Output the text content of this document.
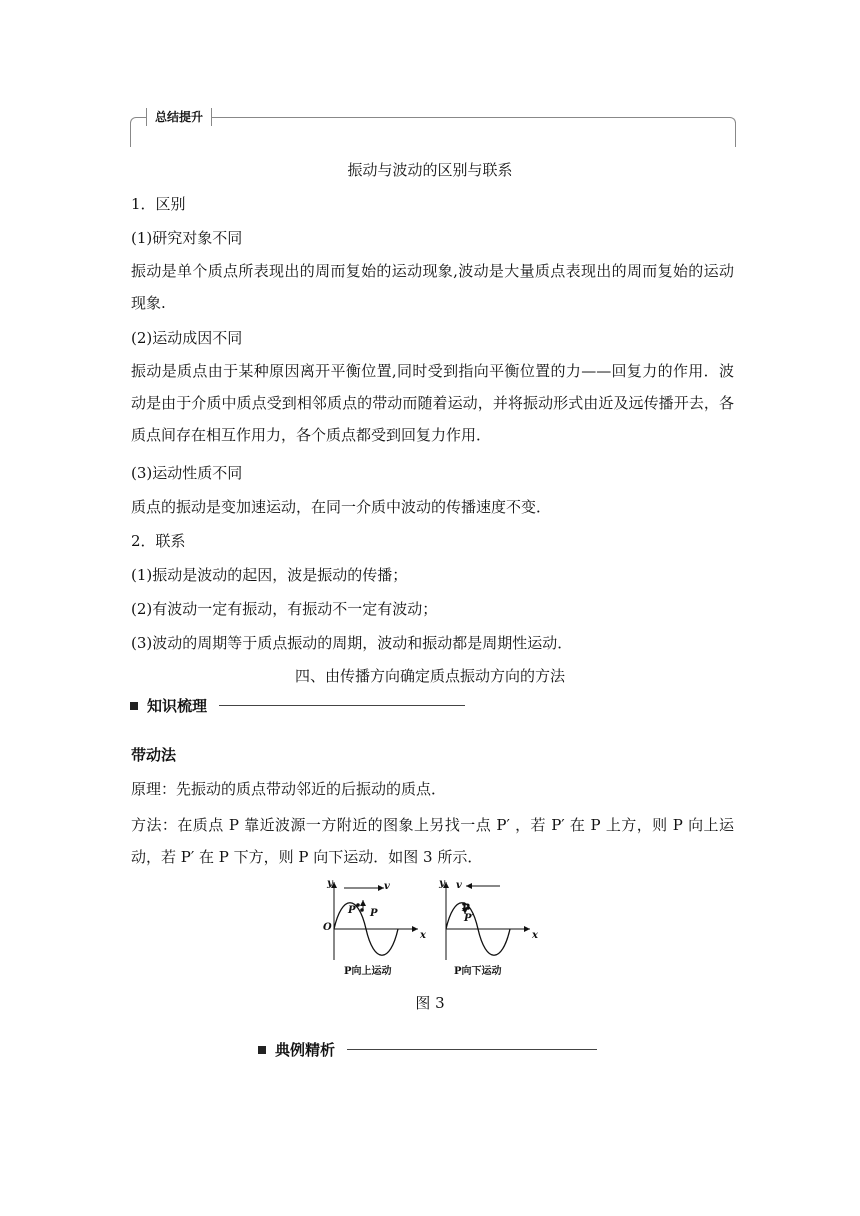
总结提升
振动与波动的区别与联系
1．区别
(1)研究对象不同
振动是单个质点所表现出的周而复始的运动现象,波动是大量质点表现出的周而复始的运动现象.
(2)运动成因不同
振动是质点由于某种原因离开平衡位置,同时受到指向平衡位置的力——回复力的作用．波动是由于介质中质点受到相邻质点的带动而随着运动，并将振动形式由近及远传播开去，各质点间存在相互作用力，各个质点都受到回复力作用．
(3)运动性质不同
质点的振动是变加速运动，在同一介质中波动的传播速度不变．
2．联系
(1)振动是波动的起因，波是振动的传播；
(2)有波动一定有振动，有振动不一定有波动；
(3)波动的周期等于质点振动的周期，波动和振动都是周期性运动．
四、由传播方向确定质点振动方向的方法
知识梳理
带动法
原理：先振动的质点带动邻近的后振动的质点．
方法：在质点 P 靠近波源一方附近的图象上另找一点 P′ ，若 P′ 在 P 上方，则 P 向上运动，若 P′ 在 P 下方，则 P 向下运动．如图 3 所示．
y
x
O
v
P′ P
y
x
v
P
P′
P向上运动	P向下运动
图 3
典例精析
